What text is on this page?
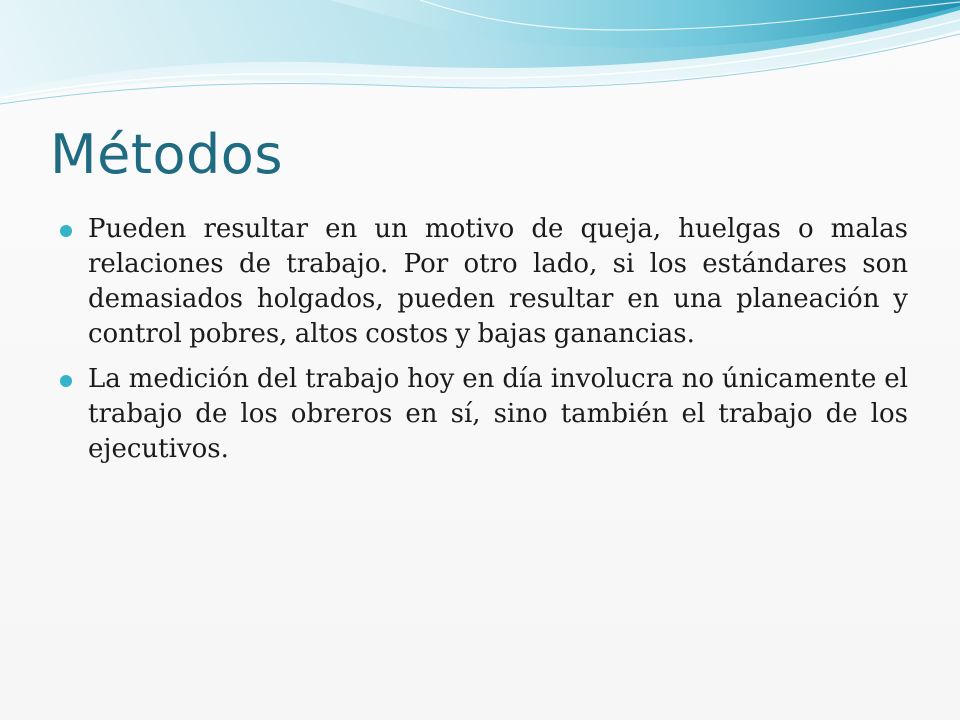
Métodos
Pueden resultar en un motivo de queja, huelgas o malas relaciones de trabajo. Por otro lado, si los estándares son demasiados holgados, pueden resultar en una planeación y control pobres, altos costos y bajas ganancias.
La medición del trabajo hoy en día involucra no únicamente el trabajo de los obreros en sí, sino también el trabajo de los ejecutivos.
